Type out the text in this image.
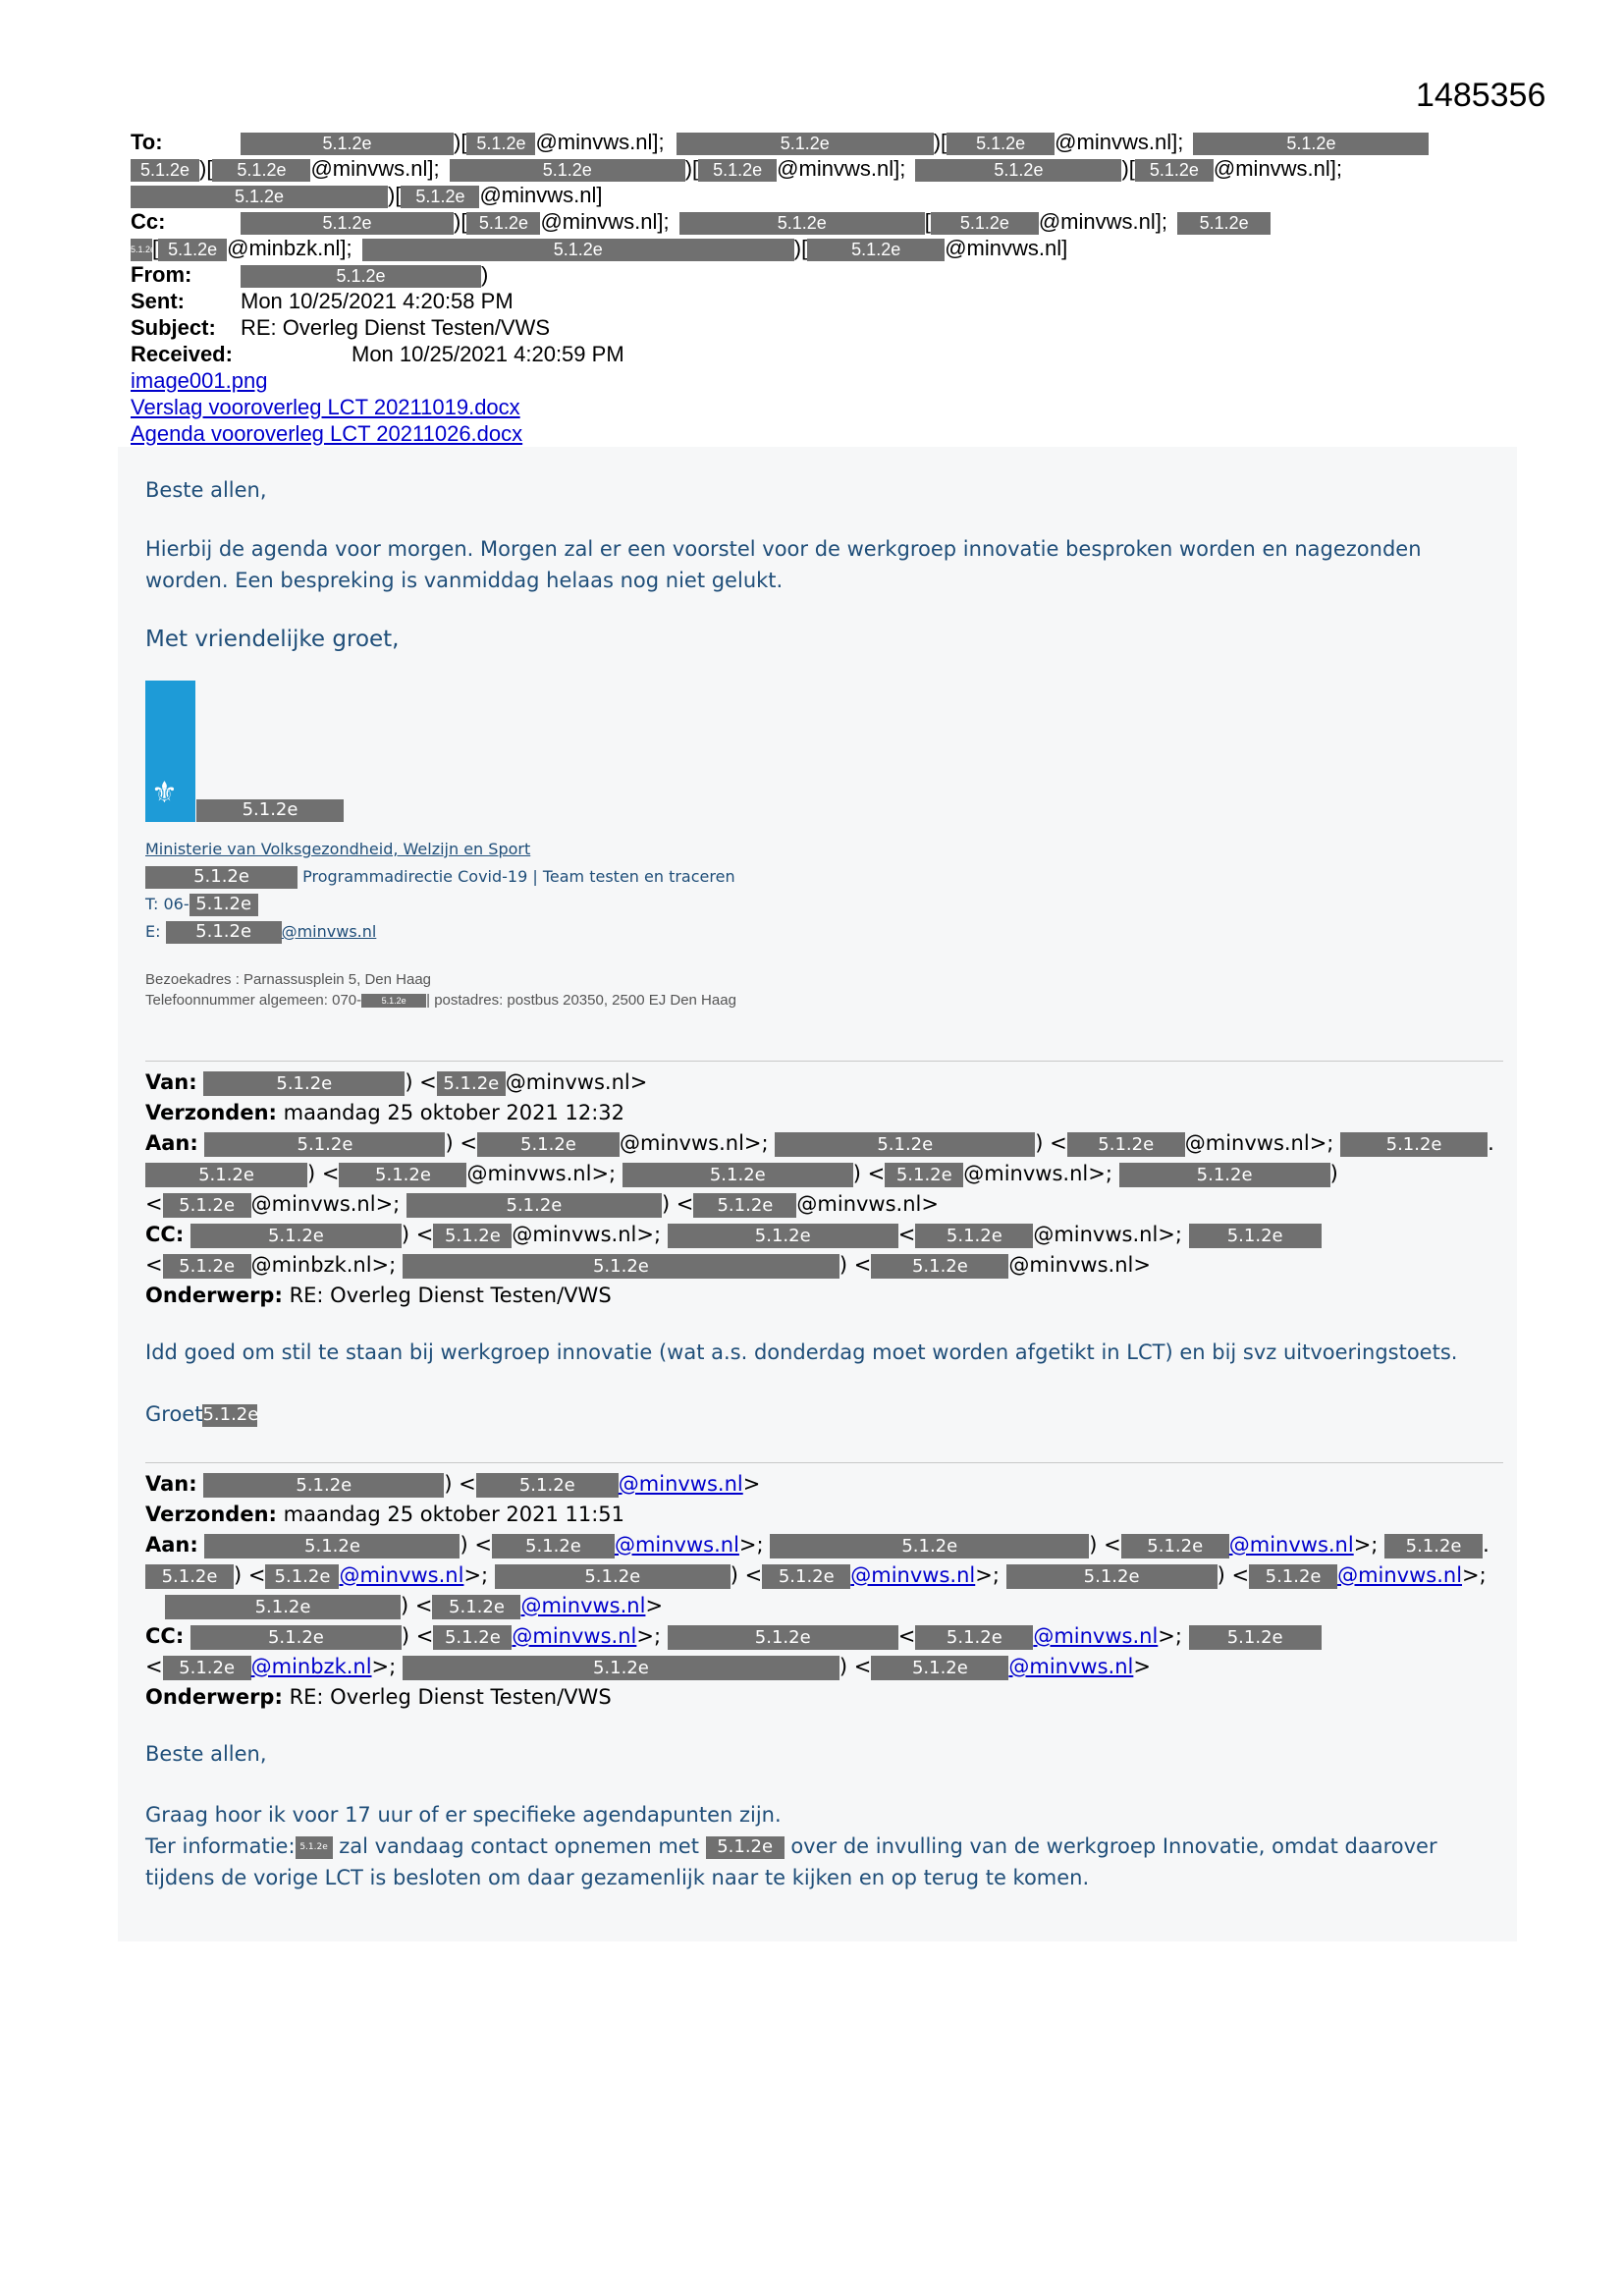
1485356
To:	5.1.2e	)[ 5.1.2e @minvws.nl];	5.1.2e	)[ 5.1.2e @minvws.nl];	5.1.2e
5.1.2e )[ 5.1.2e @minvws.nl];	5.1.2e	)[ 5.1.2e @minvws.nl];	5.1.2e	)[ 5.1.2e @minvws.nl];
5.1.2e	)[ 5.1.2e @minvws.nl]
Cc:	5.1.2e	)[ 5.1.2e @minvws.nl];	5.1.2e	[ 5.1.2e @minvws.nl]; 5.1.2e
5.1.2e[ 5.1.2e @minbzk.nl];	5.1.2e	)[ 5.1.2e @minvws.nl]
From:	5.1.2e	)
Sent:	Mon 10/25/2021 4:20:58 PM
Subject: RE: Overleg Dienst Testen/VWS
Received:	Mon 10/25/2021 4:20:59 PM
image001.png
Verslag vooroverleg LCT 20211019.docx
Agenda vooroverleg LCT 20211026.docx
Beste allen,
Hierbij de agenda voor morgen. Morgen zal er een voorstel voor de werkgroep innovatie besproken worden en nagezonden worden. Een bespreking is vanmiddag helaas nog niet gelukt.
Met vriendelijke groet,
⚜
5.1.2e
Ministerie van Volksgezondheid, Welzijn en Sport
5.1.2e	Programmadirectie Covid-19 | Team testen en traceren
T: 06- 5.1.2e
E: 5.1.2e @minvws.nl
Bezoekadres : Parnassusplein 5, Den Haag
Telefoonnummer algemeen: 070- 5.1.2e | postadres: postbus 20350, 2500 EJ Den Haag
Van:	5.1.2e	) < 5.1.2e @minvws.nl>
Verzonden: maandag 25 oktober 2021 12:32
Aan:	5.1.2e	) < 5.1.2e @minvws.nl>;	5.1.2e	) < 5.1.2e @minvws.nl>;	5.1.2e .
5.1.2e	) < 5.1.2e @minvws.nl>;	5.1.2e	) < 5.1.2e @minvws.nl>;	5.1.2e	)
< 5.1.2e @minvws.nl>;	5.1.2e	) < 5.1.2e @minvws.nl>
CC:	5.1.2e	) < 5.1.2e @minvws.nl>;	5.1.2e	< 5.1.2e @minvws.nl>;	5.1.2e
< 5.1.2e @minbzk.nl>;	5.1.2e	) < 5.1.2e @minvws.nl>
Onderwerp: RE: Overleg Dienst Testen/VWS
Idd goed om stil te staan bij werkgroep innovatie (wat a.s. donderdag moet worden afgetikt in LCT) en bij svz uitvoeringstoets.
Groet5.1.2e
Van:	5.1.2e	) < 5.1.2e @minvws.nl>
Verzonden: maandag 25 oktober 2021 11:51
Aan:	5.1.2e	) < 5.1.2e @minvws.nl>;	5.1.2e	) < 5.1.2e @minvws.nl>; 5.1.2e .
5.1.2e ) < 5.1.2e @minvws.nl>;	5.1.2e	) < 5.1.2e @minvws.nl>;	5.1.2e	) < 5.1.2e @minvws.nl>;
5.1.2e	) < 5.1.2e @minvws.nl>
CC:	5.1.2e	) < 5.1.2e @minvws.nl>;	5.1.2e	< 5.1.2e @minvws.nl>;	5.1.2e
< 5.1.2e @minbzk.nl>;	5.1.2e	) < 5.1.2e @minvws.nl>
Onderwerp: RE: Overleg Dienst Testen/VWS
Beste allen,
Graag hoor ik voor 17 uur of er specifieke agendapunten zijn.
Ter informatie: 5.1.2e zal vandaag contact opnemen met 5.1.2e over de invulling van de werkgroep Innovatie, omdat daarover tijdens de vorige LCT is besloten om daar gezamenlijk naar te kijken en op terug te komen.
